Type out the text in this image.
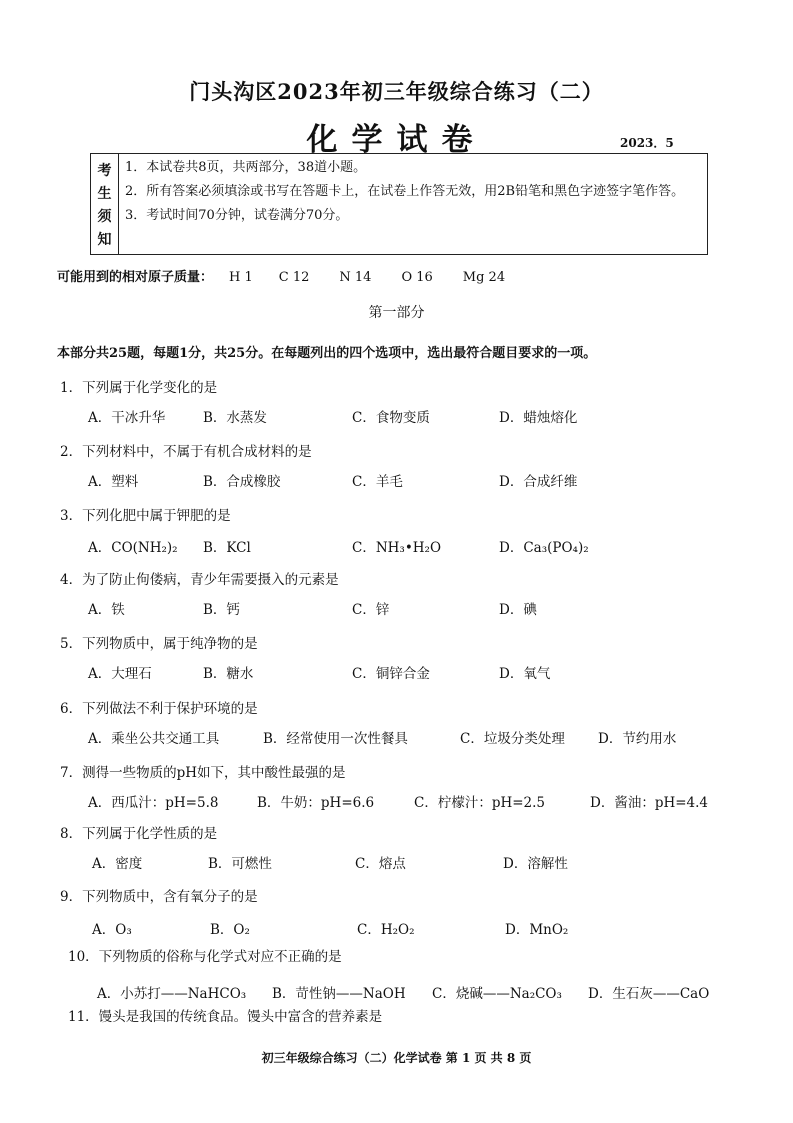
门头沟区2023年初三年级综合练习（二）
化学试卷	2023．5
考
生
须
知
1．本试卷共8页，共两部分，38道小题。
2．所有答案必须填涂或书写在答题卡上，在试卷上作答无效，用2B铅笔和黑色字迹签字笔作答。
3．考试时间70分钟，试卷满分70分。
可能用到的相对原子质量： H 1 C 12 N 14 O 16 Mg 24
第一部分
本部分共25题，每题1分，共25分。在每题列出的四个选项中，选出最符合题目要求的一项。
1．下列属于化学变化的是
A．干冰升华	B．水蒸发	C．食物变质	D．蜡烛熔化
2．下列材料中，不属于有机合成材料的是
A．塑料	B．合成橡胶	C．羊毛	D．合成纤维
3．下列化肥中属于钾肥的是
A．CO(NH₂)₂ B．KCl	C．NH₃•H₂O	D．Ca₃(PO₄)₂
4．为了防止佝偻病，青少年需要摄入的元素是
A．铁	B．钙	C．锌	D．碘
5．下列物质中，属于纯净物的是
A．大理石	B．糖水	C．铜锌合金	D．氧气
6．下列做法不利于保护环境的是
A．乘坐公共交通工具	B．经常使用一次性餐具	C．垃圾分类处理 D．节约用水
7．测得一些物质的pH如下，其中酸性最强的是
A．西瓜汁：pH=5.8	B．牛奶：pH=6.6	C．柠檬汁：pH=2.5	D．酱油：pH=4.4
8．下列属于化学性质的是
A．密度	B．可燃性	C．熔点	D．溶解性
9．下列物质中，含有氧分子的是
A．O₃	B．O₂	C．H₂O₂	D．MnO₂
10．下列物质的俗称与化学式对应不正确的是
A．小苏打——NaHCO₃ B．苛性钠——NaOH C．烧碱——Na₂CO₃ D．生石灰——CaO
11．馒头是我国的传统食品。馒头中富含的营养素是
初三年级综合练习（二）化学试卷 第 1 页 共 8 页
